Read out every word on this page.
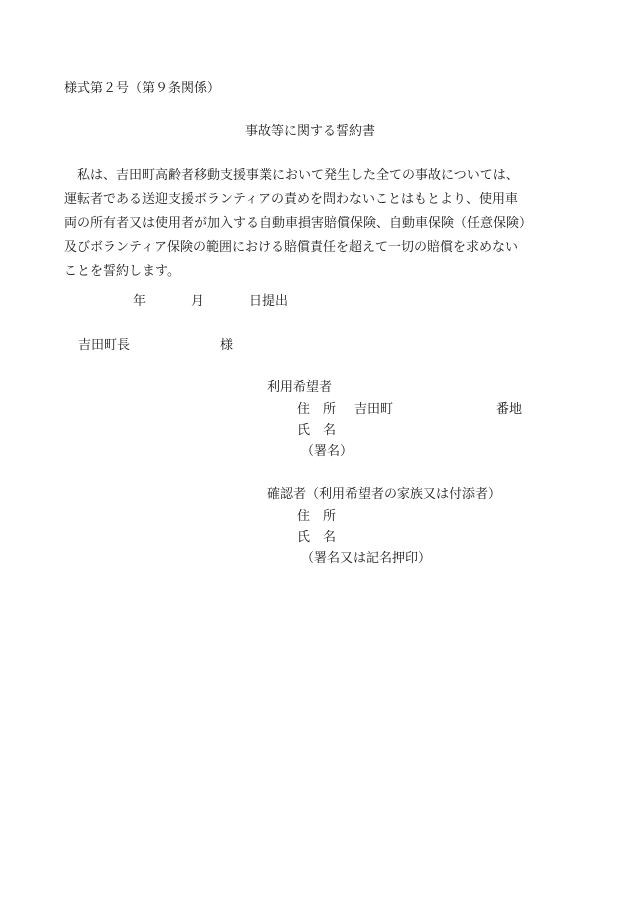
様式第２号（第９条関係）
事故等に関する誓約書
私は、吉田町高齢者移動支援事業において発生した全ての事故については、
運転者である送迎支援ボランティアの責めを問わないことはもとより、使用車
両の所有者又は使用者が加入する自動車損害賠償保険、自動車保険（任意保険）
及びボランティア保険の範囲における賠償責任を超えて一切の賠償を求めない
ことを誓約します。
年	月	日提出
吉田町長	様
利用希望者
住　所 吉田町	番地
氏　名
（署名）
確認者（利用希望者の家族又は付添者）
住　所
氏　名
（署名又は記名押印）
